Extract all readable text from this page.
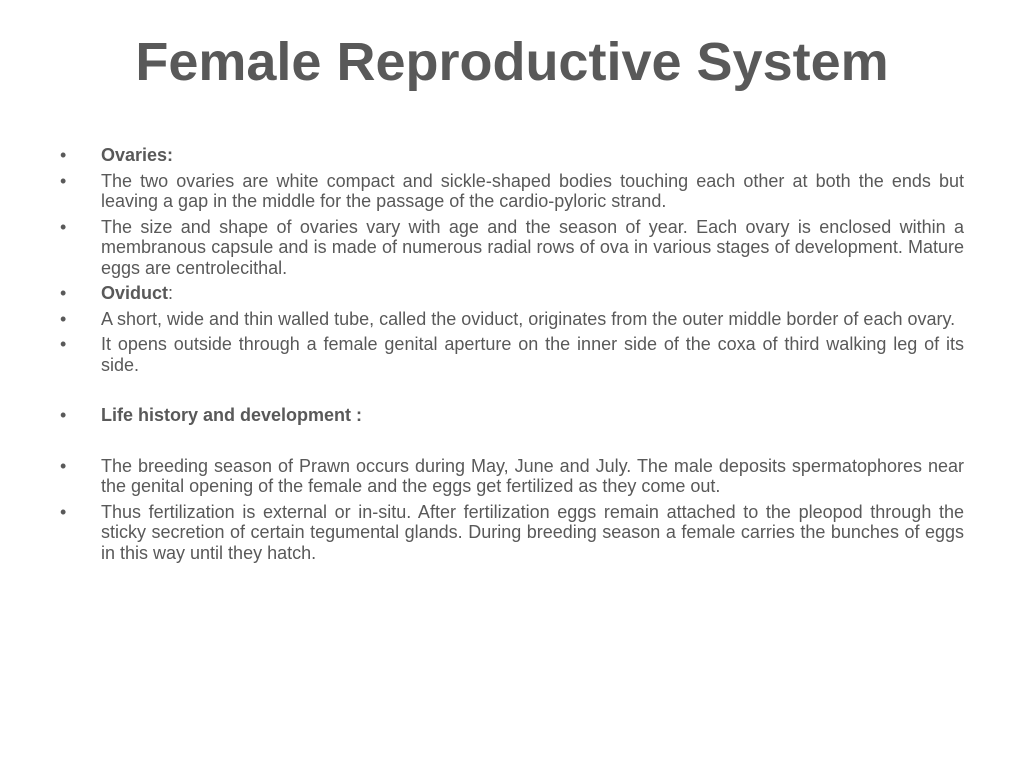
Female Reproductive System
•	Ovaries:
•	The two ovaries are white compact and sickle-shaped bodies touching each other at both the ends but leaving a gap in the middle for the passage of the cardio-pyloric strand.
•	The size and shape of ovaries vary with age and the season of year. Each ovary is enclosed within a membranous capsule and is made of numerous radial rows of ova in various stages of development. Mature eggs are centrolecithal.
•	Oviduct:
•	A short, wide and thin walled tube, called the oviduct, originates from the outer middle border of each ovary.
•	It opens outside through a female genital aperture on the inner side of the coxa of third walking leg of its side.
•	Life history and development :
•	The breeding season of Prawn occurs during May, June and July. The male deposits spermatophores near the genital opening of the female and the eggs get fertilized as they come out.
•	Thus fertilization is external or in-situ. After fertilization eggs remain attached to the pleopod through the sticky secretion of certain tegumental glands. During breeding season a female carries the bunches of eggs in this way until they hatch.
